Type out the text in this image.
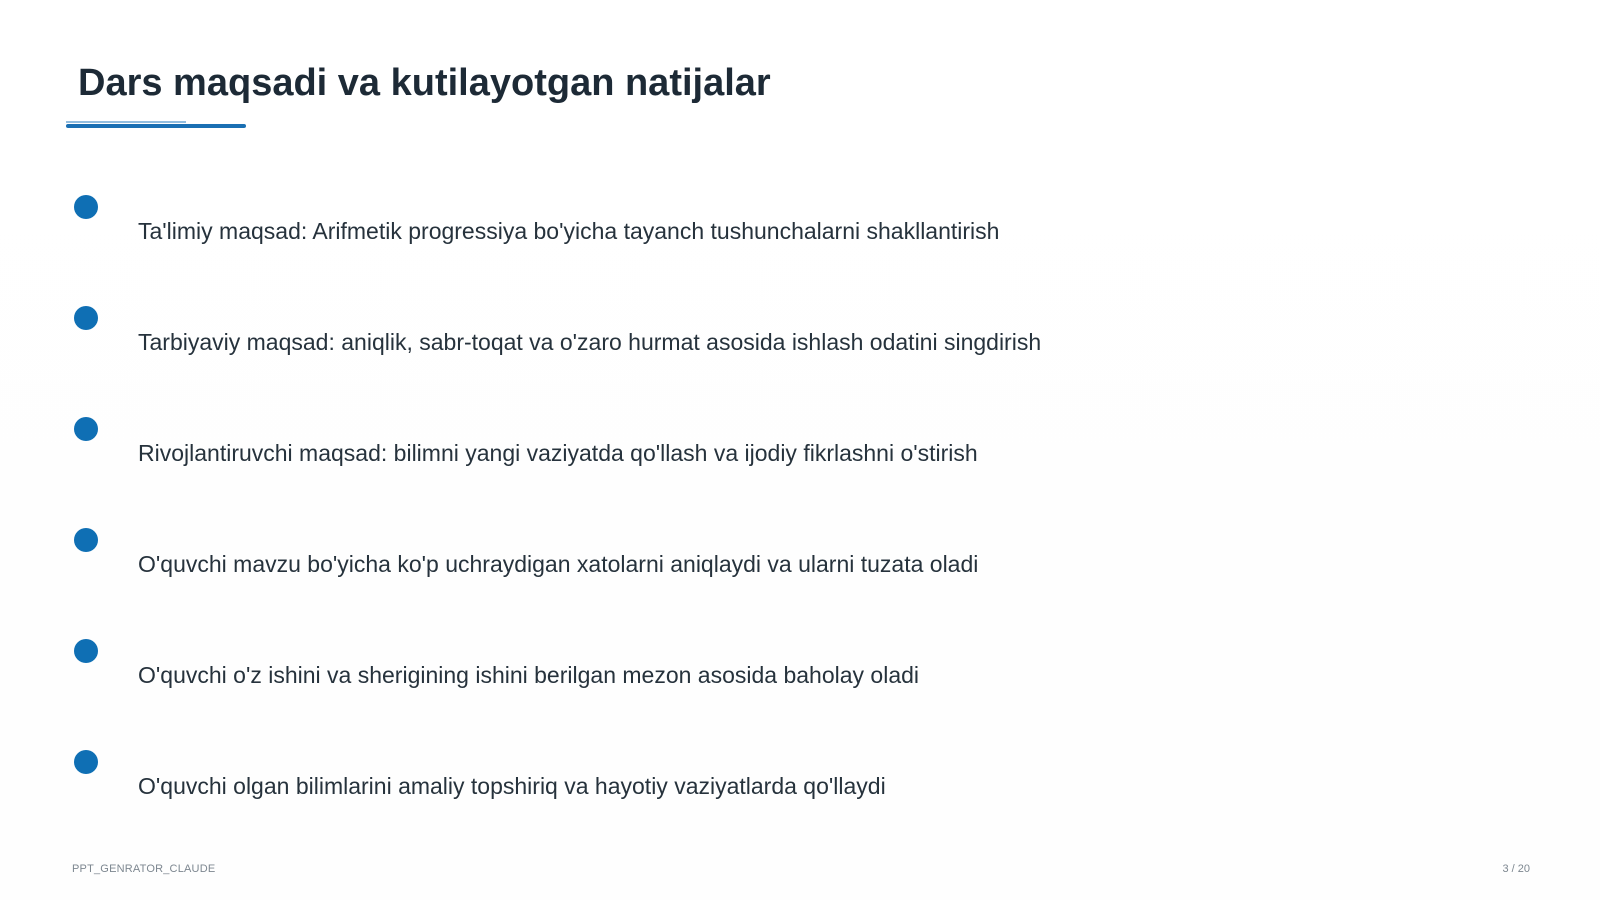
Dars maqsadi va kutilayotgan natijalar
Ta'limiy maqsad: Arifmetik progressiya bo'yicha tayanch tushunchalarni shakllantirish
Tarbiyaviy maqsad: aniqlik, sabr-toqat va o'zaro hurmat asosida ishlash odatini singdirish
Rivojlantiruvchi maqsad: bilimni yangi vaziyatda qo'llash va ijodiy fikrlashni o'stirish
O'quvchi mavzu bo'yicha ko'p uchraydigan xatolarni aniqlaydi va ularni tuzata oladi
O'quvchi o'z ishini va sherigining ishini berilgan mezon asosida baholay oladi
O'quvchi olgan bilimlarini amaliy topshiriq va hayotiy vaziyatlarda qo'llaydi
PPT_GENRATOR_CLAUDE	3 / 20
